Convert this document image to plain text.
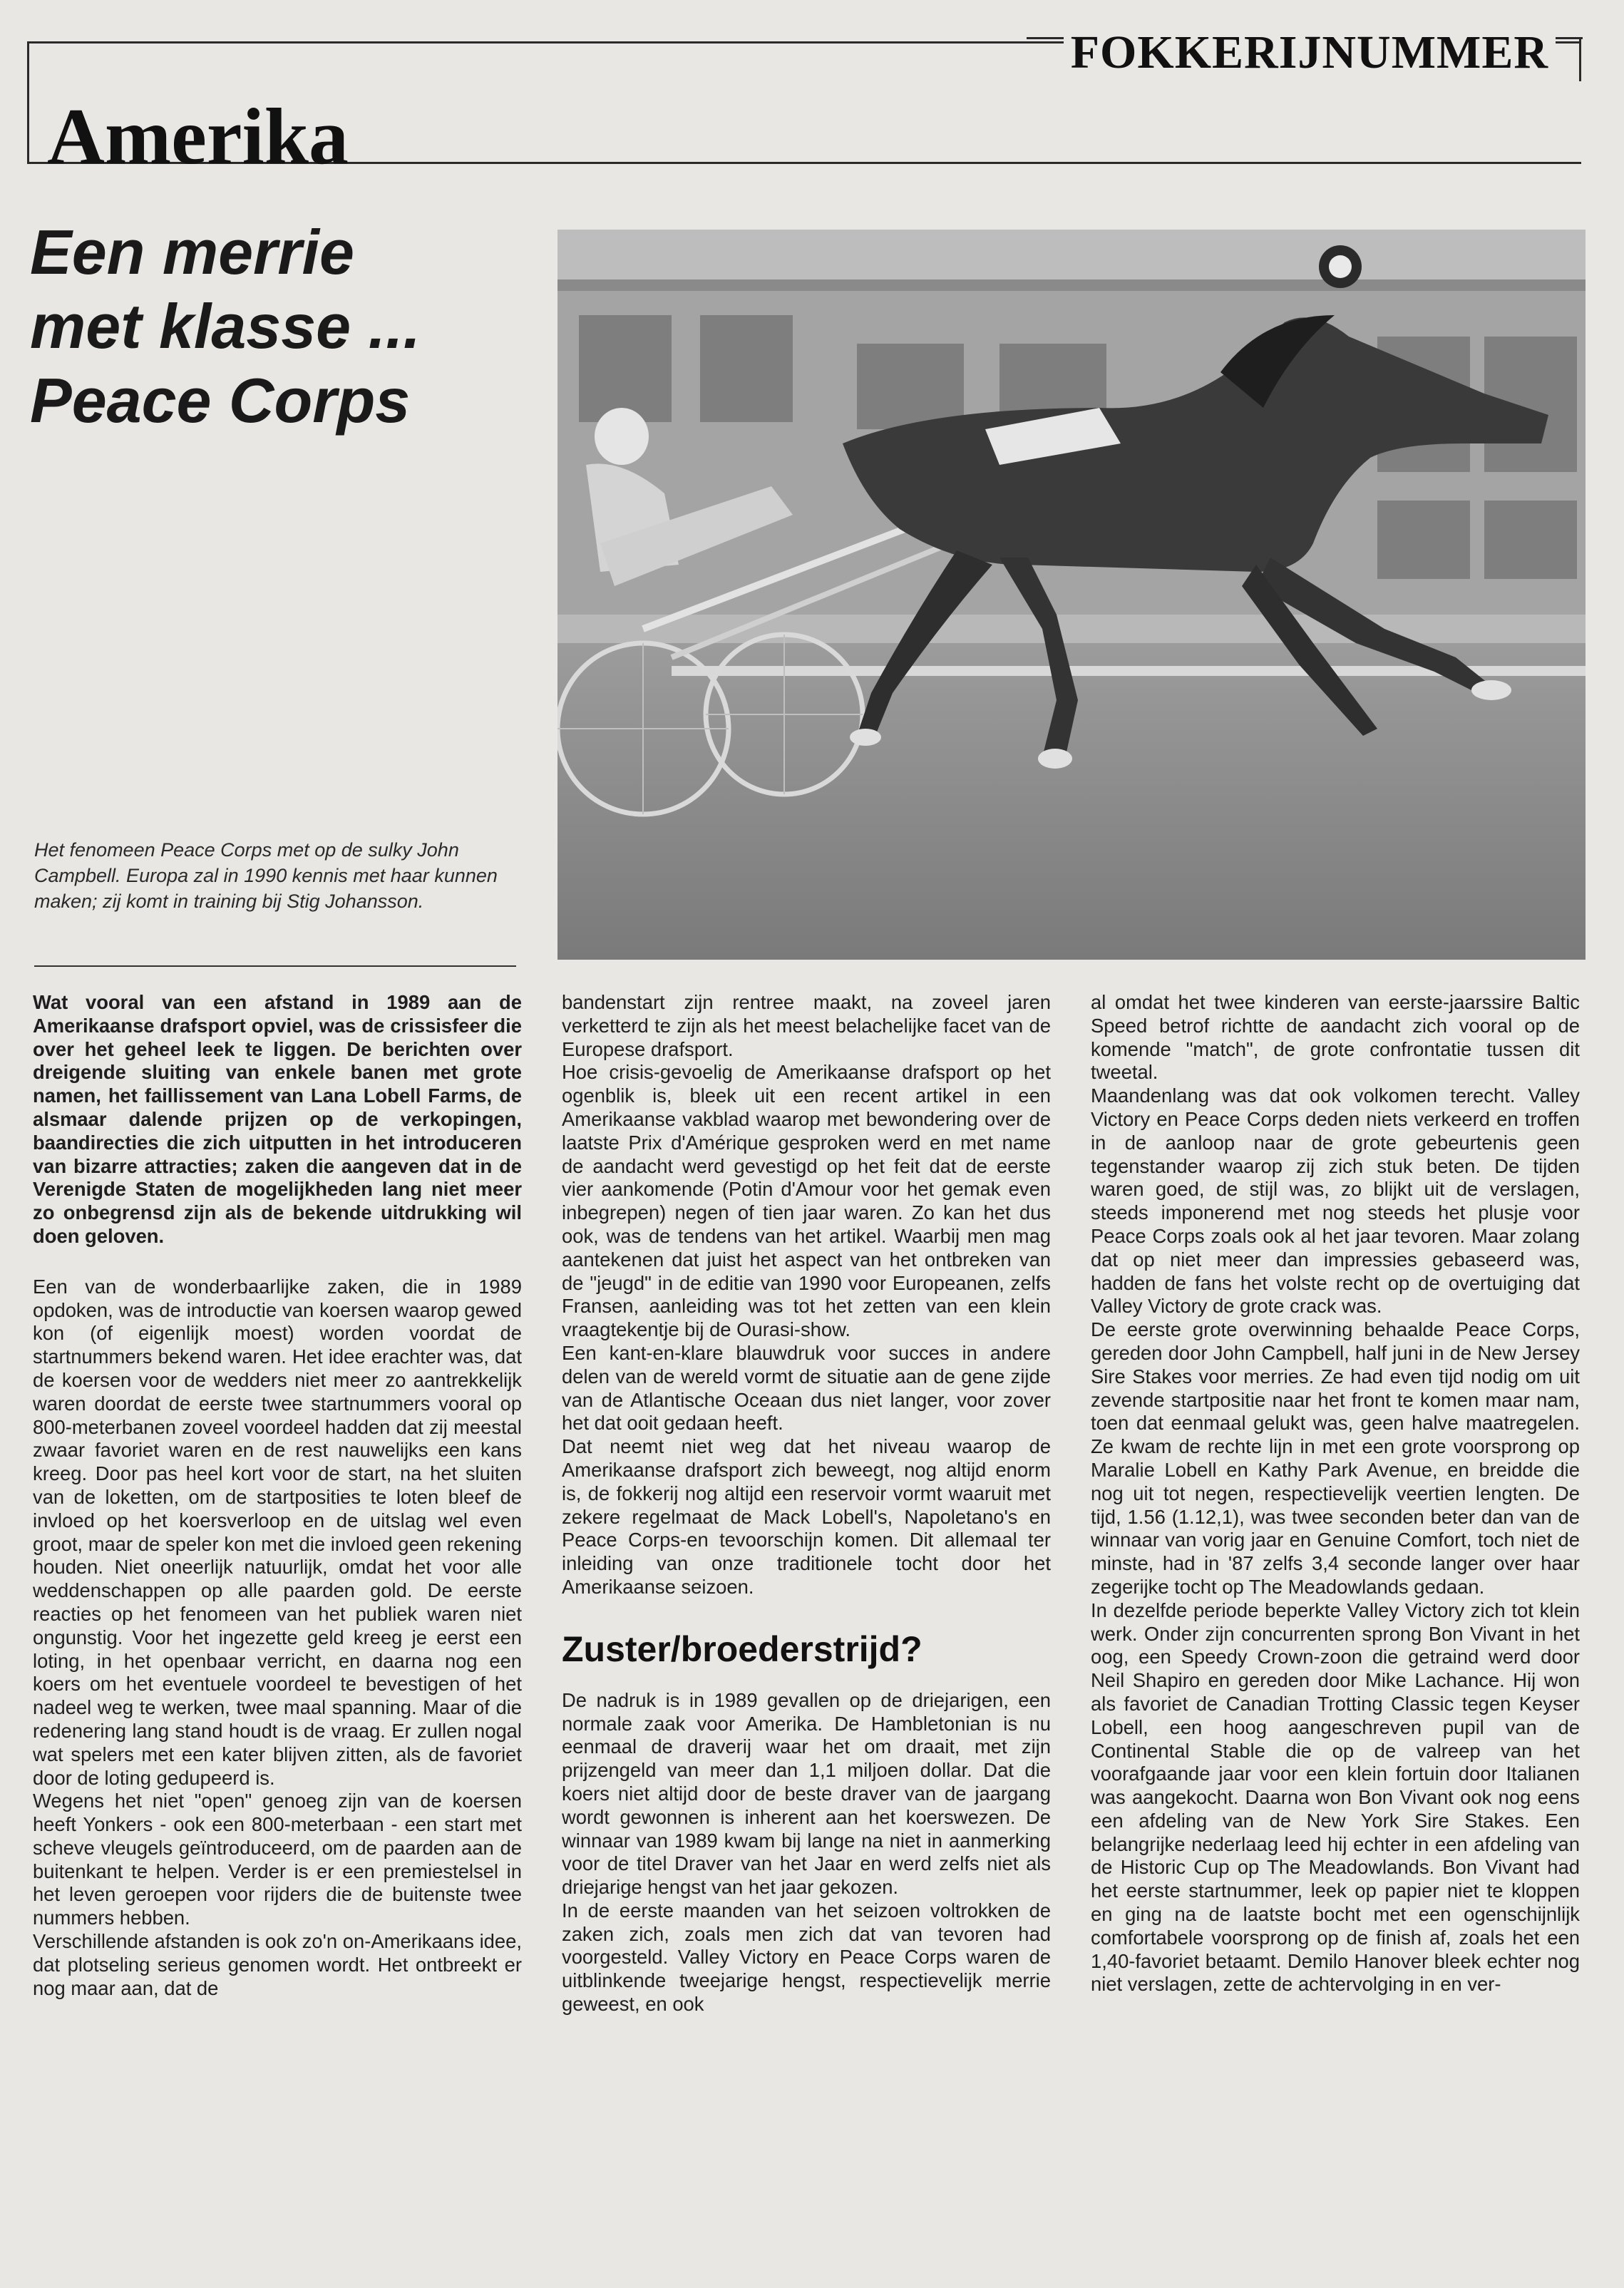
FOKKERIJNUMMER
Amerika
Een merrie
met klasse ...
Peace Corps

Het fenomeen Peace Corps met op de sulky John Campbell. Europa zal in 1990 kennis met haar kunnen maken; zij komt in training bij Stig Johansson.

Wat vooral van een afstand in 1989 aan de Amerikaanse drafsport opviel, was de crissisfeer die over het geheel leek te liggen. De berichten over dreigende sluiting van enkele banen met grote namen, het faillissement van Lana Lobell Farms, de alsmaar dalende prijzen op de verkopingen, baandirecties die zich uitputten in het introduceren van bizarre attracties; zaken die aangeven dat in de Verenigde Staten de mogelijkheden lang niet meer zo onbegrensd zijn als de bekende uitdrukking wil doen geloven.

Een van de wonderbaarlijke zaken, die in 1989 opdoken, was de introductie van koersen waarop gewed kon (of eigenlijk moest) worden voordat de startnummers bekend waren. Het idee erachter was, dat de koersen voor de wedders niet meer zo aantrekkelijk waren doordat de eerste twee startnummers vooral op 800-meterbanen zoveel voordeel hadden dat zij meestal zwaar favoriet waren en de rest nauwelijks een kans kreeg. Door pas heel kort voor de start, na het sluiten van de loketten, om de startposities te loten bleef de invloed op het koersverloop en de uitslag wel even groot, maar de speler kon met die invloed geen rekening houden. Niet oneerlijk natuurlijk, omdat het voor alle weddenschappen op alle paarden gold. De eerste reacties op het fenomeen van het publiek waren niet ongunstig. Voor het ingezette geld kreeg je eerst een loting, in het openbaar verricht, en daarna nog een koers om het eventuele voordeel te bevestigen of het nadeel weg te werken, twee maal spanning. Maar of die redenering lang stand houdt is de vraag. Er zullen nogal wat spelers met een kater blijven zitten, als de favoriet door de loting gedupeerd is.

Wegens het niet "open" genoeg zijn van de koersen heeft Yonkers - ook een 800-meterbaan - een start met scheve vleugels geïntroduceerd, om de paarden aan de buitenkant te helpen. Verder is er een premiestelsel in het leven geroepen voor rijders die de buitenste twee nummers hebben.

Verschillende afstanden is ook zo'n on-Amerikaans idee, dat plotseling serieus genomen wordt. Het ontbreekt er nog maar aan, dat de

bandenstart zijn rentree maakt, na zoveel jaren verketterd te zijn als het meest belachelijke facet van de Europese drafsport.

Hoe crisis-gevoelig de Amerikaanse drafsport op het ogenblik is, bleek uit een recent artikel in een Amerikaanse vakblad waarop met bewondering over de laatste Prix d'Amérique gesproken werd en met name de aandacht werd gevestigd op het feit dat de eerste vier aankomende (Potin d'Amour voor het gemak even inbegrepen) negen of tien jaar waren. Zo kan het dus ook, was de tendens van het artikel. Waarbij men mag aantekenen dat juist het aspect van het ontbreken van de "jeugd" in de editie van 1990 voor Europeanen, zelfs Fransen, aanleiding was tot het zetten van een klein vraagtekentje bij de Ourasi-show.

Een kant-en-klare blauwdruk voor succes in andere delen van de wereld vormt de situatie aan de gene zijde van de Atlantische Oceaan dus niet langer, voor zover het dat ooit gedaan heeft.

Dat neemt niet weg dat het niveau waarop de Amerikaanse drafsport zich beweegt, nog altijd enorm is, de fokkerij nog altijd een reservoir vormt waaruit met zekere regelmaat de Mack Lobell's, Napoletano's en Peace Corps-en tevoorschijn komen. Dit allemaal ter inleiding van onze traditionele tocht door het Amerikaanse seizoen.

Zuster/broederstrijd?

De nadruk is in 1989 gevallen op de driejarigen, een normale zaak voor Amerika. De Hambletonian is nu eenmaal de draverij waar het om draait, met zijn prijzengeld van meer dan 1,1 miljoen dollar. Dat die koers niet altijd door de beste draver van de jaargang wordt gewonnen is inherent aan het koerswezen. De winnaar van 1989 kwam bij lange na niet in aanmerking voor de titel Draver van het Jaar en werd zelfs niet als driejarige hengst van het jaar gekozen.

In de eerste maanden van het seizoen voltrokken de zaken zich, zoals men zich dat van tevoren had voorgesteld. Valley Victory en Peace Corps waren de uitblinkende tweejarige hengst, respectievelijk merrie geweest, en ook

al omdat het twee kinderen van eerste-jaarssire Baltic Speed betrof richtte de aandacht zich vooral op de komende "match", de grote confrontatie tussen dit tweetal.

Maandenlang was dat ook volkomen terecht. Valley Victory en Peace Corps deden niets verkeerd en troffen in de aanloop naar de grote gebeurtenis geen tegenstander waarop zij zich stuk beten. De tijden waren goed, de stijl was, zo blijkt uit de verslagen, steeds imponerend met nog steeds het plusje voor Peace Corps zoals ook al het jaar tevoren. Maar zolang dat op niet meer dan impressies gebaseerd was, hadden de fans het volste recht op de overtuiging dat Valley Victory de grote crack was.

De eerste grote overwinning behaalde Peace Corps, gereden door John Campbell, half juni in de New Jersey Sire Stakes voor merries. Ze had even tijd nodig om uit zevende startpositie naar het front te komen maar nam, toen dat eenmaal gelukt was, geen halve maatregelen. Ze kwam de rechte lijn in met een grote voorsprong op Maralie Lobell en Kathy Park Avenue, en breidde die nog uit tot negen, respectievelijk veertien lengten. De tijd, 1.56 (1.12,1), was twee seconden beter dan van de winnaar van vorig jaar en Genuine Comfort, toch niet de minste, had in '87 zelfs 3,4 seconde langer over haar zegerijke tocht op The Meadowlands gedaan.

In dezelfde periode beperkte Valley Victory zich tot klein werk. Onder zijn concurrenten sprong Bon Vivant in het oog, een Speedy Crown-zoon die getraind werd door Neil Shapiro en gereden door Mike Lachance. Hij won als favoriet de Canadian Trotting Classic tegen Keyser Lobell, een hoog aangeschreven pupil van de Continental Stable die op de valreep van het voorafgaande jaar voor een klein fortuin door Italianen was aangekocht. Daarna won Bon Vivant ook nog eens een afdeling van de New York Sire Stakes. Een belangrijke nederlaag leed hij echter in een afdeling van de Historic Cup op The Meadowlands. Bon Vivant had het eerste startnummer, leek op papier niet te kloppen en ging na de laatste bocht met een ogenschijnlijk comfortabele voorsprong op de finish af, zoals het een 1,40-favoriet betaamt. Demilo Hanover bleek echter nog niet verslagen, zette de achtervolging in en ver-
